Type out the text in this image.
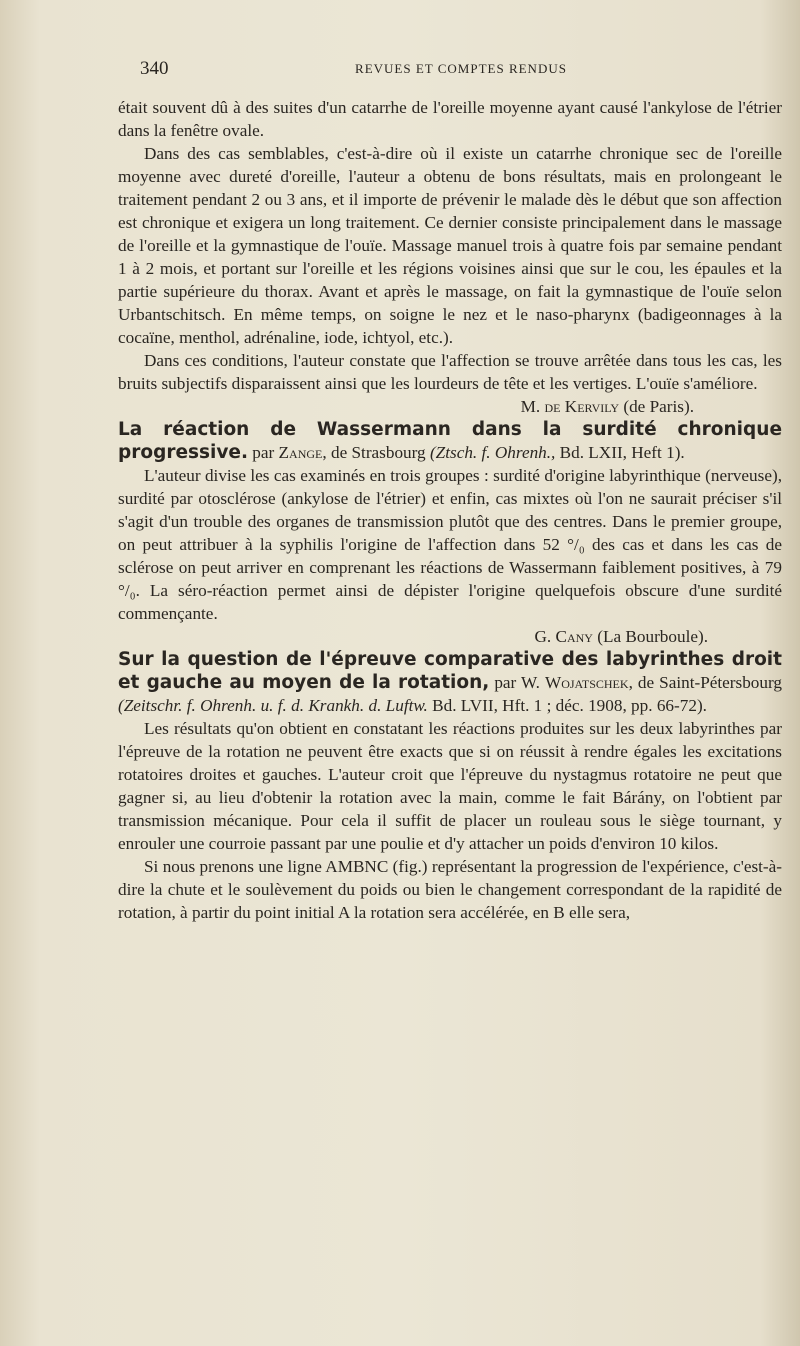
340	REVUES ET COMPTES RENDUS

était souvent dû à des suites d'un catarrhe de l'oreille moyenne ayant causé l'ankylose de l'étrier dans la fenêtre ovale.

Dans des cas semblables, c'est-à-dire où il existe un catarrhe chronique sec de l'oreille moyenne avec dureté d'oreille, l'auteur a obtenu de bons résultats, mais en prolongeant le traitement pendant 2 ou 3 ans, et il importe de prévenir le malade dès le début que son affection est chronique et exigera un long traitement. Ce dernier consiste principalement dans le massage de l'oreille et la gymnastique de l'ouïe. Massage manuel trois à quatre fois par semaine pendant 1 à 2 mois, et portant sur l'oreille et les régions voisines ainsi que sur le cou, les épaules et la partie supérieure du thorax. Avant et après le massage, on fait la gymnastique de l'ouïe selon Urbantschitsch. En même temps, on soigne le nez et le naso-pharynx (badigeonnages à la cocaïne, menthol, adrénaline, iode, ichtyol, etc.).

Dans ces conditions, l'auteur constate que l'affection se trouve arrêtée dans tous les cas, les bruits subjectifs disparaissent ainsi que les lourdeurs de tête et les vertiges. L'ouïe s'améliore.

M. de Kervily (de Paris).

La réaction de Wassermann dans la surdité chronique progressive. par Zange, de Strasbourg (Ztsch. f. Ohrenh., Bd. LXII, Heft 1).

L'auteur divise les cas examinés en trois groupes : surdité d'origine labyrinthique (nerveuse), surdité par otosclérose (ankylose de l'étrier) et enfin, cas mixtes où l'on ne saurait préciser s'il s'agit d'un trouble des organes de transmission plutôt que des centres. Dans le premier groupe, on peut attribuer à la syphilis l'origine de l'affection dans 52 °/₀ des cas et dans les cas de sclérose on peut arriver en comprenant les réactions de Wassermann faiblement positives, à 79 °/₀. La séro-réaction permet ainsi de dépister l'origine quelquefois obscure d'une surdité commençante.

G. Cany (La Bourboule).

Sur la question de l'épreuve comparative des labyrinthes droit et gauche au moyen de la rotation, par W. Wojatschek, de Saint-Pétersbourg (Zeitschr. f. Ohrenh. u. f. d. Krankh. d. Luftw. Bd. LVII, Hft. 1 ; déc. 1908, pp. 66-72).

Les résultats qu'on obtient en constatant les réactions produites sur les deux labyrinthes par l'épreuve de la rotation ne peuvent être exacts que si on réussit à rendre égales les excitations rotatoires droites et gauches. L'auteur croit que l'épreuve du nystagmus rotatoire ne peut que gagner si, au lieu d'obtenir la rotation avec la main, comme le fait Bárány, on l'obtient par transmission mécanique. Pour cela il suffit de placer un rouleau sous le siège tournant, y enrouler une courroie passant par une poulie et d'y attacher un poids d'environ 10 kilos.

Si nous prenons une ligne AMBNC (fig.) représentant la progression de l'expérience, c'est-à-dire la chute et le soulèvement du poids ou bien le changement correspondant de la rapidité de rotation, à partir du point initial A la rotation sera accélérée, en B elle sera,
